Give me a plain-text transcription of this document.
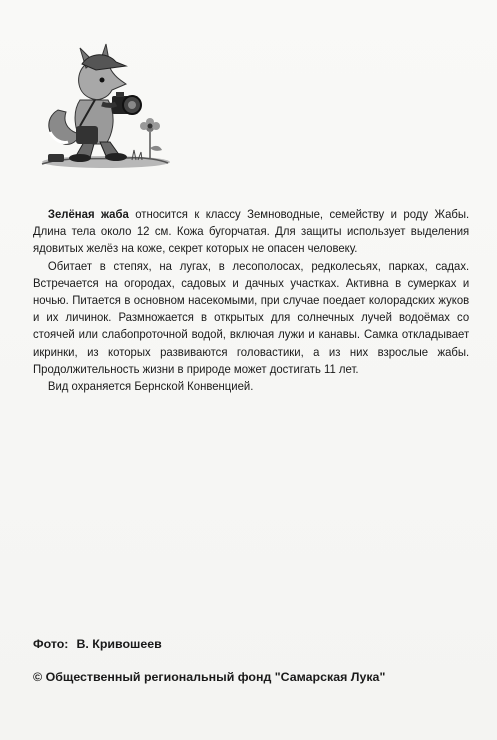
Зелёная жаба относится к классу Земноводные, семейству и роду Жабы. Длина тела около 12 см. Кожа бугорчатая. Для защиты использует выделения ядовитых желёз на коже, секрет которых не опасен человеку.

Обитает в степях, на лугах, в лесополосах, редколесьях, парках, садах. Встречается на огородах, садовых и дачных участках. Активна в сумерках и ночью. Питается в основном насекомыми, при случае поедает колорадских жуков и их личинок. Размножается в открытых для солнечных лучей водоёмах со стоячей или слабопроточной водой, включая лужи и канавы. Самка откладывает икринки, из которых развиваются головастики, а из них взрослые жабы. Продолжительность жизни в природе может достигать 11 лет.

Вид охраняется Бернской Конвенцией.

Фото: В. Кривошеев
© Общественный региональный фонд "Самарская Лука"
